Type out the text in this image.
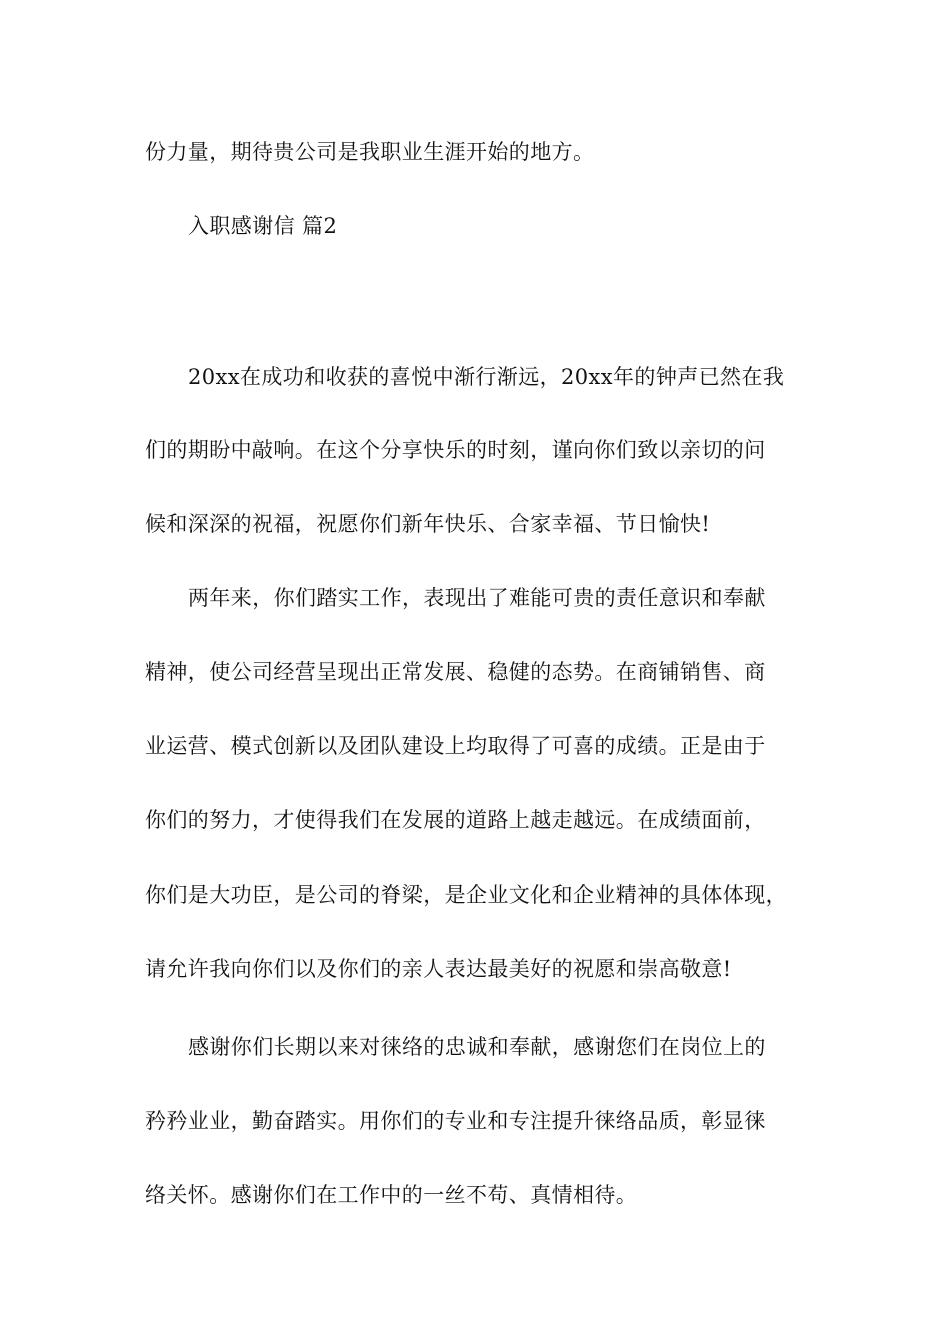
份力量，期待贵公司是我职业生涯开始的地方。
入职感谢信 篇2
20xx在成功和收获的喜悦中渐行渐远，20xx年的钟声已然在我
们的期盼中敲响。在这个分享快乐的时刻，谨向你们致以亲切的问
候和深深的祝福，祝愿你们新年快乐、合家幸福、节日愉快!
两年来，你们踏实工作，表现出了难能可贵的责任意识和奉献
精神，使公司经营呈现出正常发展、稳健的态势。在商铺销售、商
业运营、模式创新以及团队建设上均取得了可喜的成绩。正是由于
你们的努力，才使得我们在发展的道路上越走越远。在成绩面前，
你们是大功臣，是公司的脊梁，是企业文化和企业精神的具体体现，
请允许我向你们以及你们的亲人表达最美好的祝愿和崇高敬意!
感谢你们长期以来对徕络的忠诚和奉献，感谢您们在岗位上的
矜矜业业，勤奋踏实。用你们的专业和专注提升徕络品质，彰显徕
络关怀。感谢你们在工作中的一丝不苟、真情相待。
